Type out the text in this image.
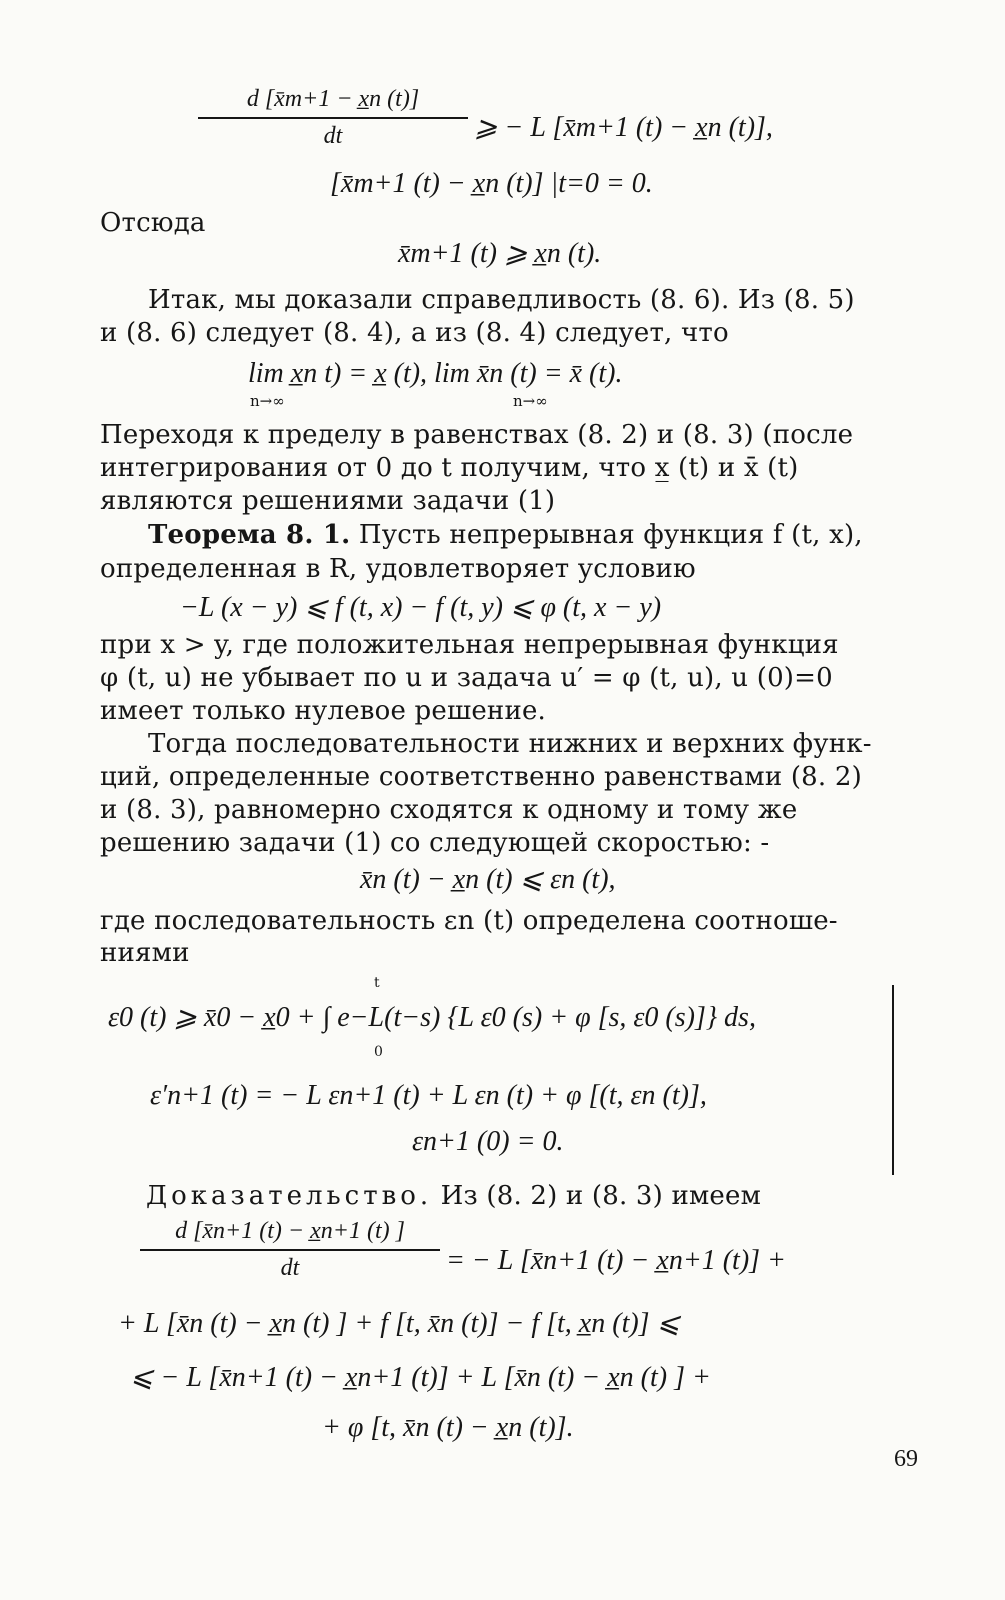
d [x̄m+1 − x̲n (t)]
dt	⩾ − L [x̄m+1 (t) − x̲n (t)],
[x̄m+1 (t) − x̲n (t)] |t=0 = 0.
Отсюда
x̄m+1 (t) ⩾ x̲n (t).
Итак, мы доказали справедливость (8. 6). Из (8. 5)
и (8. 6) следует (8. 4), а из (8. 4) следует, что
lim x̲n t) = x̲ (t), lim x̄n (t) = x̄ (t).
n→∞	n→∞
Переходя к пределу в равенствах (8. 2) и (8. 3) (после
интегрирования от 0 до t получим, что x̲ (t) и x̄ (t)
являются решениями задачи (1)
Теорема 8. 1. Пусть непрерывная функция f (t, x),
определенная в R, удовлетворяет условию
−L (x − y) ⩽ f (t, x) − f (t, y) ⩽ φ (t, x − y)
при x > y, где положительная непрерывная функция
φ (t, u) не убывает по u и задача u′ = φ (t, u), u (0)=0
имеет только нулевое решение.
Тогда последовательности нижних и верхних функ-
ций, определенные соответственно равенствами (8. 2)
и (8. 3), равномерно сходятся к одному и тому же
решению задачи (1) со следующей скоростью: -
x̄n (t) − x̲n (t) ⩽ εn (t),
где последовательность εn (t) определена соотноше-
ниями
t
ε0 (t) ⩾ x̄0 − x̲0 + ∫ e−L(t−s) {L ε0 (s) + φ [s, ε0 (s)]} ds,
0
ε′n+1 (t) = − L εn+1 (t) + L εn (t) + φ [(t, εn (t)],
εn+1 (0) = 0.
Доказательство. Из (8. 2) и (8. 3) имеем
d [x̄n+1 (t) − x̲n+1 (t) ]
dt	= − L [x̄n+1 (t) − x̲n+1 (t)] +
+ L [x̄n (t) − x̲n (t) ] + f [t, x̄n (t)] − f [t, x̲n (t)] ⩽
⩽ − L [x̄n+1 (t) − x̲n+1 (t)] + L [x̄n (t) − x̲n (t) ] +
+ φ [t, x̄n (t) − x̲n (t)].
69
